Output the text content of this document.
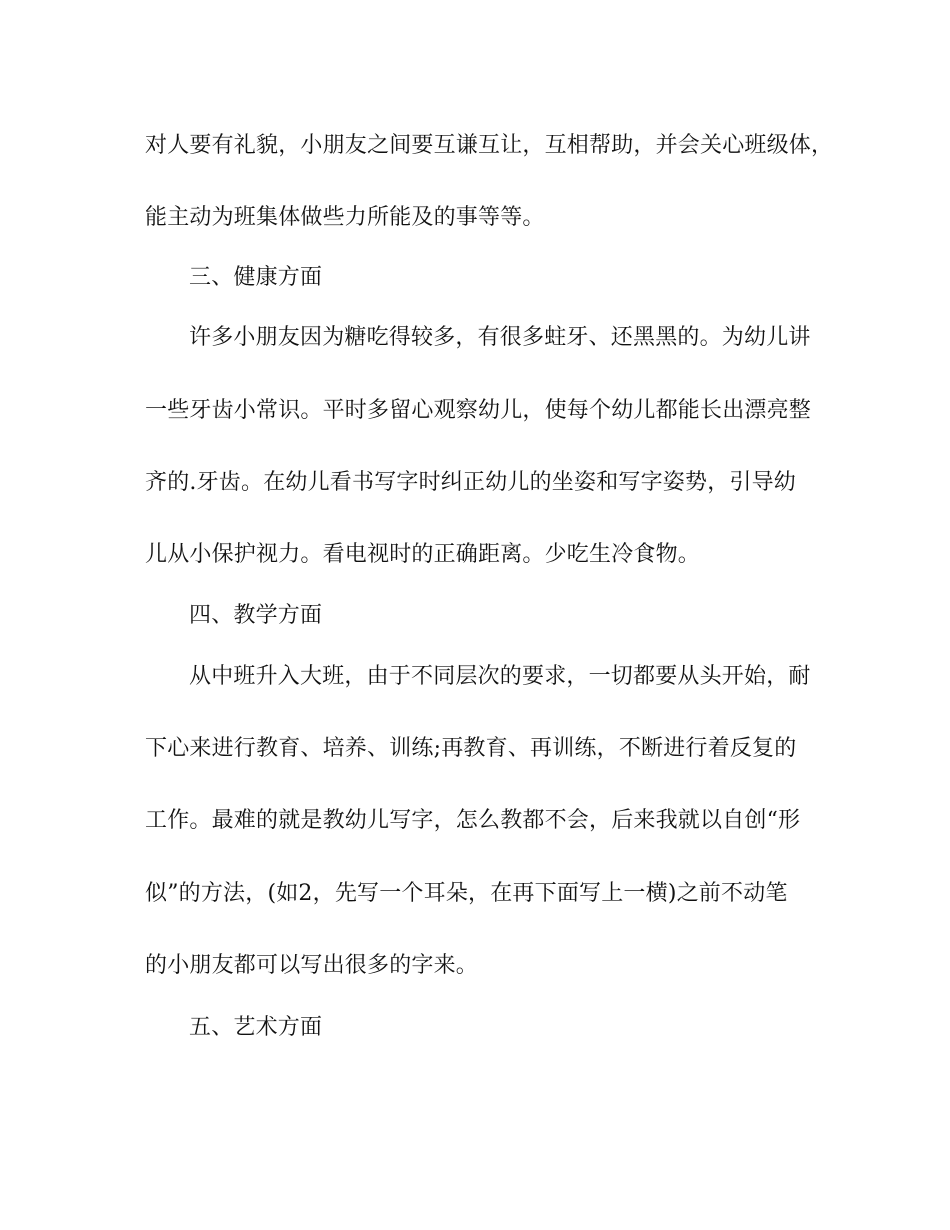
对人要有礼貌，小朋友之间要互谦互让，互相帮助，并会关心班级体，
能主动为班集体做些力所能及的事等等。
三、健康方面
许多小朋友因为糖吃得较多，有很多蛀牙、还黑黑的。为幼儿讲
一些牙齿小常识。平时多留心观察幼儿，使每个幼儿都能长出漂亮整
齐的.牙齿。在幼儿看书写字时纠正幼儿的坐姿和写字姿势，引导幼
儿从小保护视力。看电视时的正确距离。少吃生冷食物。
四、教学方面
从中班升入大班，由于不同层次的要求，一切都要从头开始，耐
下心来进行教育、培养、训练;再教育、再训练，不断进行着反复的
工作。最难的就是教幼儿写字，怎么教都不会，后来我就以自创“形
似”的方法，(如2，先写一个耳朵，在再下面写上一横)之前不动笔
的小朋友都可以写出很多的字来。
五、艺术方面
